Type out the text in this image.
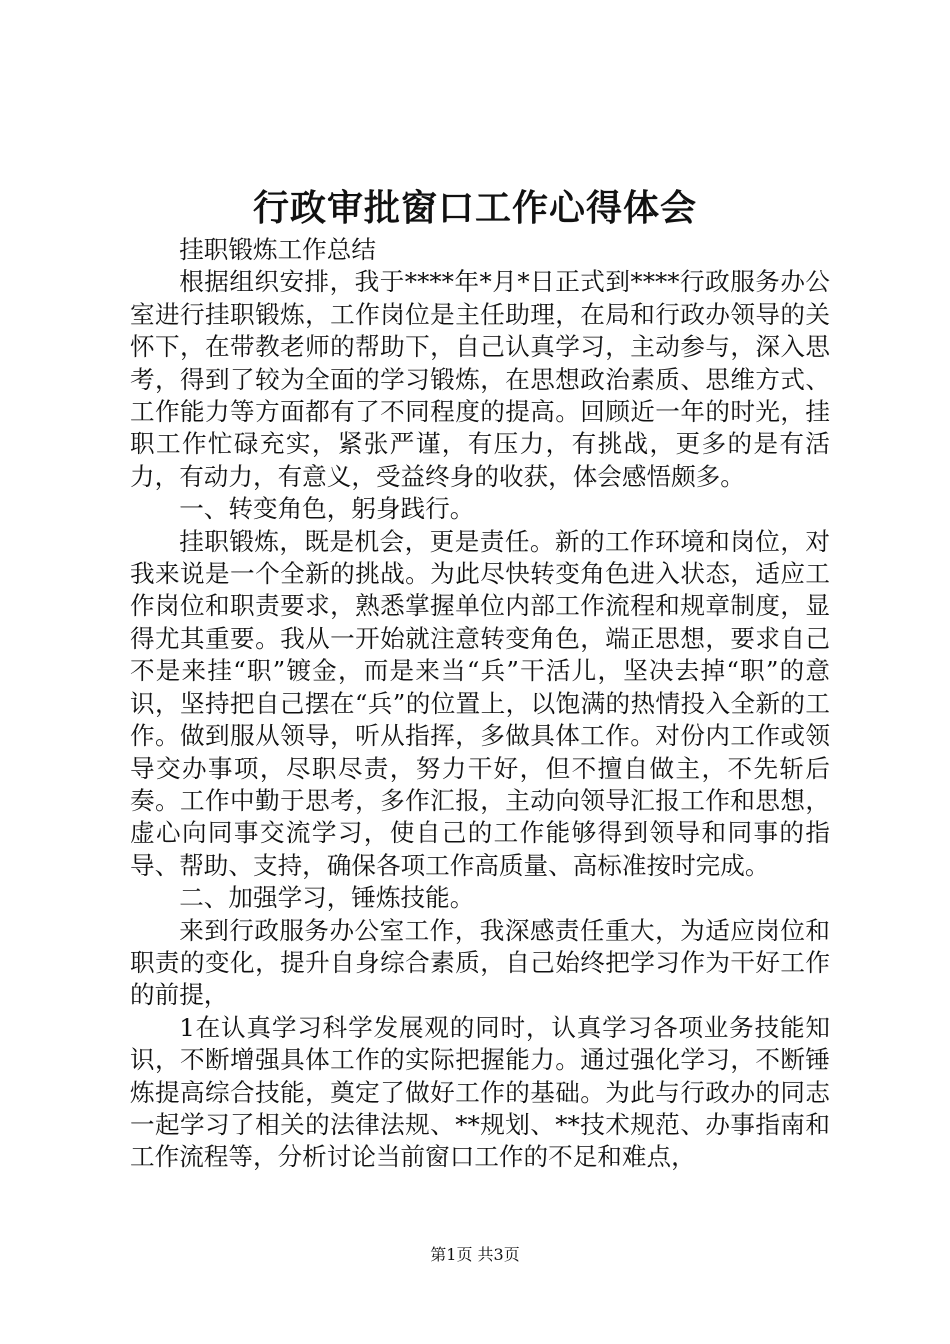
行政审批窗口工作心得体会

挂职锻炼工作总结

根据组织安排，我于****年*月*日正式到****行政服务办公室进行挂职锻炼，工作岗位是主任助理，在局和行政办领导的关怀下，在带教老师的帮助下，自己认真学习，主动参与，深入思考，得到了较为全面的学习锻炼，在思想政治素质、思维方式、工作能力等方面都有了不同程度的提高。回顾近一年的时光，挂职工作忙碌充实，紧张严谨，有压力，有挑战，更多的是有活力，有动力，有意义，受益终身的收获，体会感悟颇多。

一、转变角色，躬身践行。

挂职锻炼，既是机会，更是责任。新的工作环境和岗位，对我来说是一个全新的挑战。为此尽快转变角色进入状态，适应工作岗位和职责要求，熟悉掌握单位内部工作流程和规章制度，显得尤其重要。我从一开始就注意转变角色，端正思想，要求自己不是来挂“职”镀金，而是来当“兵”干活儿，坚决去掉“职”的意识，坚持把自己摆在“兵”的位置上，以饱满的热情投入全新的工作。做到服从领导，听从指挥，多做具体工作。对份内工作或领导交办事项，尽职尽责，努力干好，但不擅自做主，不先斩后奏。工作中勤于思考，多作汇报，主动向领导汇报工作和思想，虚心向同事交流学习，使自己的工作能够得到领导和同事的指导、帮助、支持，确保各项工作高质量、高标准按时完成。

二、加强学习，锤炼技能。

来到行政服务办公室工作，我深感责任重大，为适应岗位和职责的变化，提升自身综合素质，自己始终把学习作为干好工作的前提，

1在认真学习科学发展观的同时，认真学习各项业务技能知识，不断增强具体工作的实际把握能力。通过强化学习，不断锤炼提高综合技能，奠定了做好工作的基础。为此与行政办的同志一起学习了相关的法律法规、**规划、**技术规范、办事指南和工作流程等，分析讨论当前窗口工作的不足和难点，

第1页 共3页
